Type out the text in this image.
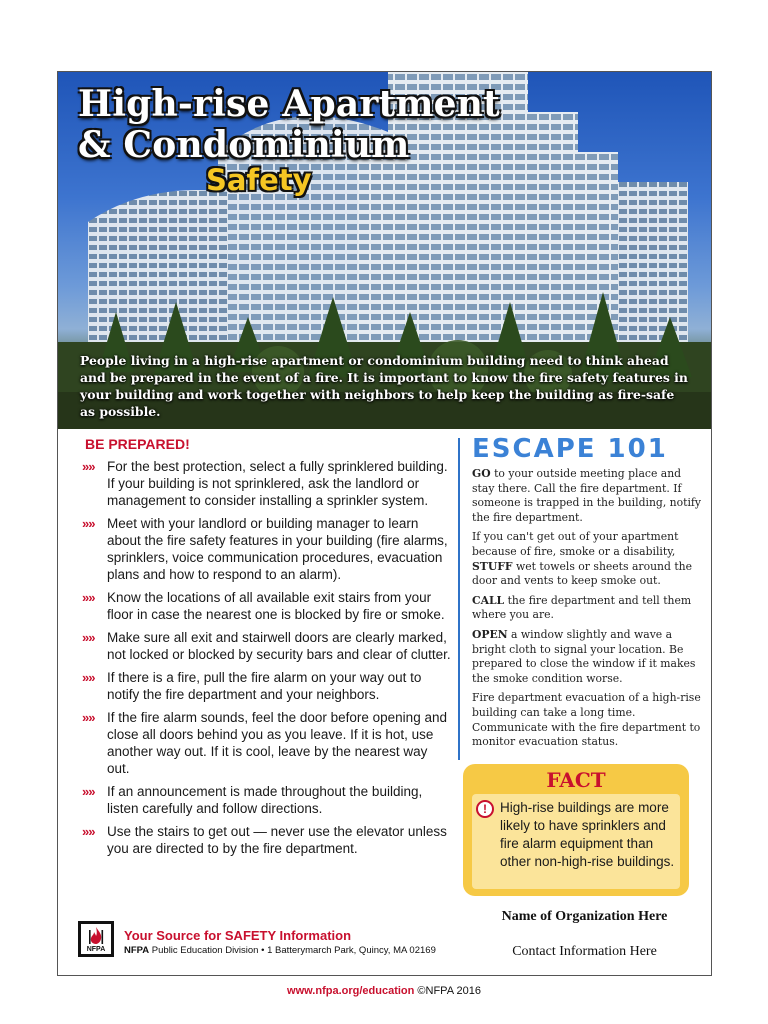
High-rise Apartment
& Condominium
Safety

People living in a high-rise apartment or condominium building need to think ahead and be prepared in the event of a fire. It is important to know the fire safety features in your building and work together with neighbors to help keep the building as fire-safe as possible.

BE PREPARED!
»» For the best protection, select a fully sprinklered building. If your building is not sprinklered, ask the landlord or management to consider installing a sprinkler system.
»» Meet with your landlord or building manager to learn about the fire safety features in your building (fire alarms, sprinklers, voice communication procedures, evacuation plans and how to respond to an alarm).
»» Know the locations of all available exit stairs from your floor in case the nearest one is blocked by fire or smoke.
»» Make sure all exit and stairwell doors are clearly marked, not locked or blocked by security bars and clear of clutter.
»» If there is a fire, pull the fire alarm on your way out to notify the fire department and your neighbors.
»» If the fire alarm sounds, feel the door before opening and close all doors behind you as you leave. If it is hot, use another way out. If it is cool, leave by the nearest way out.
»» If an announcement is made throughout the building, listen carefully and follow directions.
»» Use the stairs to get out — never use the elevator unless you are directed to by the fire department.
ESCAPE 101

GO to your outside meeting place and stay there. Call the fire department. If someone is trapped in the building, notify the fire department.

If you can't get out of your apartment because of fire, smoke or a disability, STUFF wet towels or sheets around the door and vents to keep smoke out.

CALL the fire department and tell them where you are.

OPEN a window slightly and wave a bright cloth to signal your location. Be prepared to close the window if it makes the smoke condition worse.

Fire department evacuation of a high-rise building can take a long time. Communicate with the fire department to monitor evacuation status.

FACT
! High-rise buildings are more likely to have sprinklers and fire alarm equipment than other non-high-rise buildings.
Name of Organization Here
Contact Information Here
NFPA
Your Source for SAFETY Information
NFPA Public Education Division • 1 Batterymarch Park, Quincy, MA 02169
www.nfpa.org/education ©NFPA 2016
